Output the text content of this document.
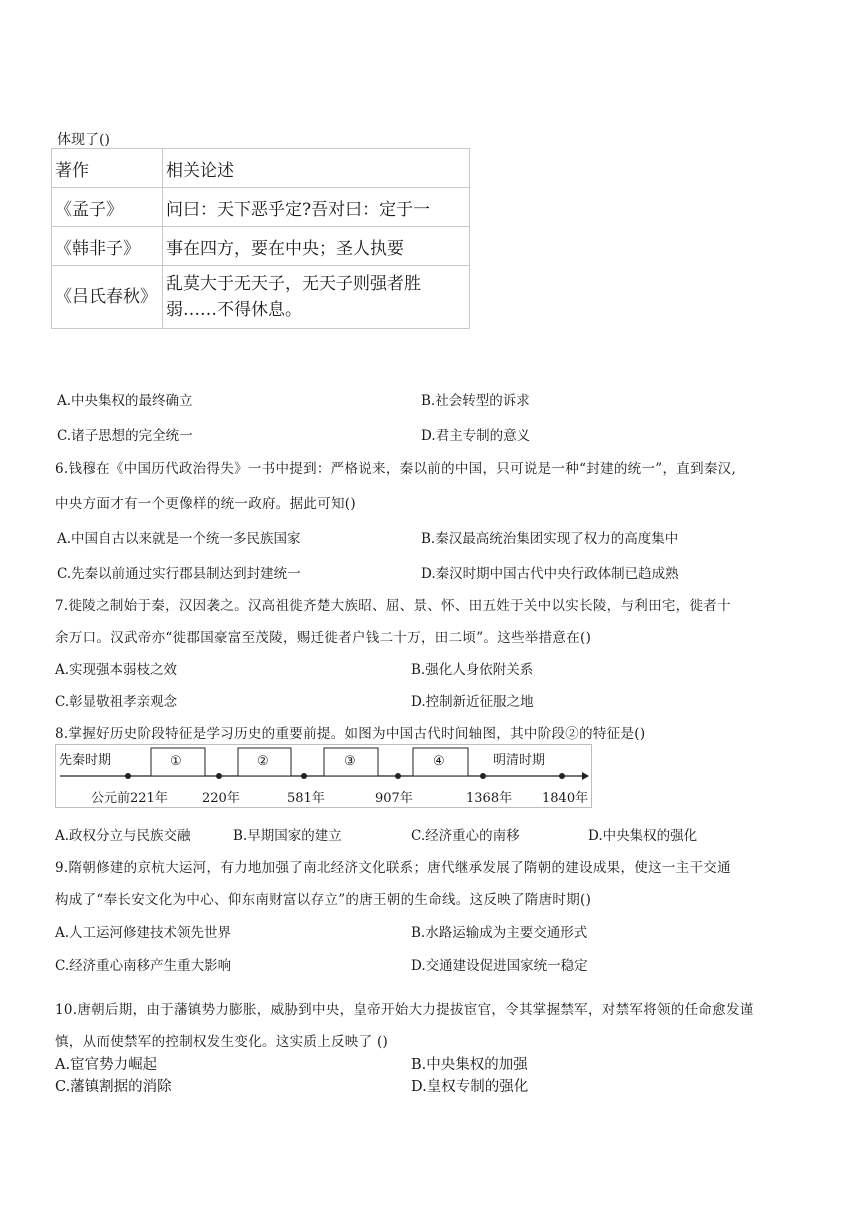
体现了()
著作	相关论述
《孟子》	问曰：天下恶乎定?吾对曰：定于一
《韩非子》	事在四方，要在中央；圣人执要
《吕氏春秋》	乱莫大于无天子，无天子则强者胜弱……不得休息。
A.中央集权的最终确立	B.社会转型的诉求
C.诸子思想的完全统一	D.君主专制的意义
6.钱穆在《中国历代政治得失》一书中提到：严格说来，秦以前的中国，只可说是一种“封建的统一”，直到秦汉,
中央方面才有一个更像样的统一政府。据此可知()
A.中国自古以来就是一个统一多民族国家	B.秦汉最高统治集团实现了权力的高度集中
C.先秦以前通过实行郡县制达到封建统一	D.秦汉时期中国古代中央行政体制已趋成熟
7.徙陵之制始于秦，汉因袭之。汉高祖徙齐楚大族昭、屈、景、怀、田五姓于关中以实长陵，与利田宅，徙者十
余万口。汉武帝亦“徙郡国豪富至茂陵，赐迁徙者户钱二十万，田二顷”。这些举措意在()
A.实现强本弱枝之效	B.强化人身依附关系
C.彰显敬祖孝亲观念	D.控制新近征服之地
8.掌握好历史阶段特征是学习历史的重要前提。如图为中国古代时间轴图，其中阶段②的特征是()
先秦时期	明清时期
①	②	③	④
公元前221年	220年	581年	907年	1368年 1840年
A.政权分立与民族交融	B.早期国家的建立	C.经济重心的南移	D.中央集权的强化
9.隋朝修建的京杭大运河，有力地加强了南北经济文化联系；唐代继承发展了隋朝的建设成果，使这一主干交通
构成了“奉长安文化为中心、仰东南财富以存立”的唐王朝的生命线。这反映了隋唐时期()
A.人工运河修建技术领先世界	B.水路运输成为主要交通形式
C.经济重心南移产生重大影响	D.交通建设促进国家统一稳定
10.唐朝后期，由于藩镇势力膨胀，威胁到中央，皇帝开始大力提拔宦官，令其掌握禁军，对禁军将领的任命愈发谨
慎，从而使禁军的控制权发生变化。这实质上反映了 ()
A.宦官势力崛起	B.中央集权的加强
C.藩镇割据的消除	D.皇权专制的强化
